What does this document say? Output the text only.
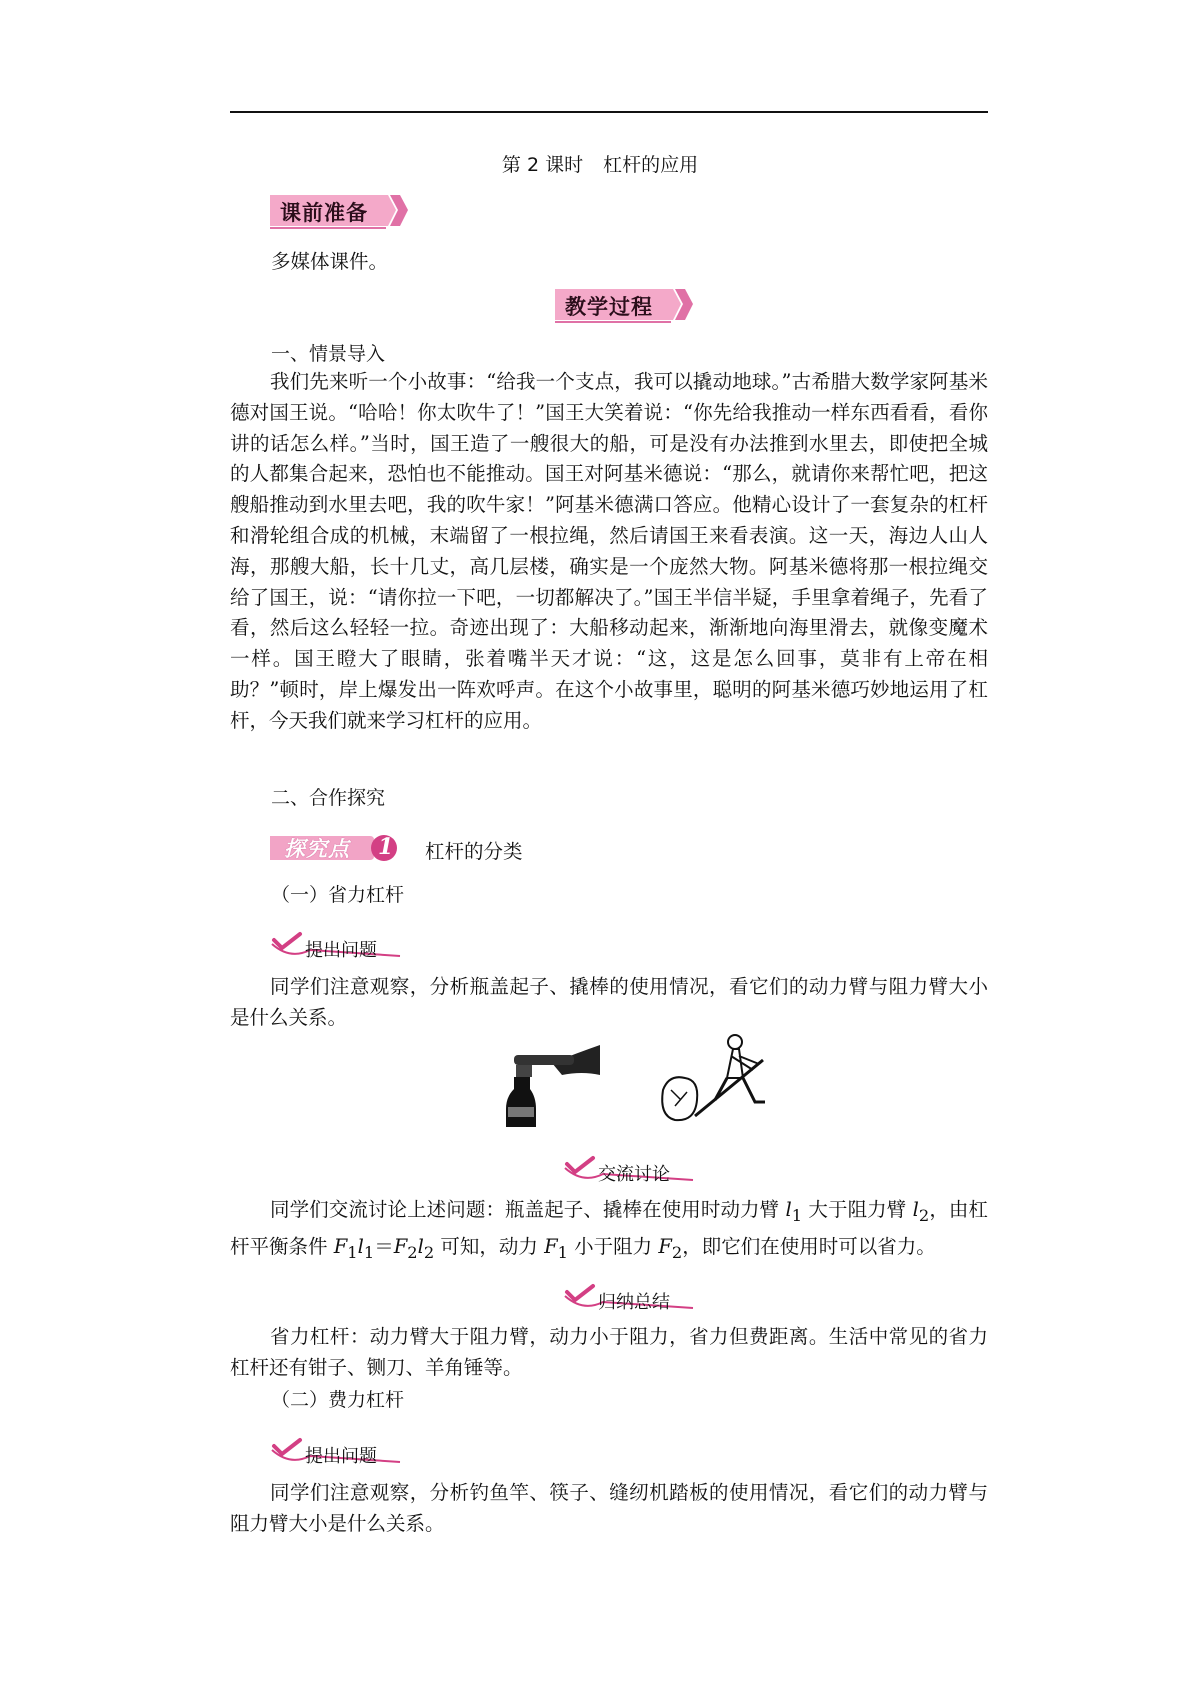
第 2 课时 杠杆的应用
课前准备
多媒体课件。
教学过程
一、情景导入
我们先来听一个小故事：“给我一个支点，我可以撬动地球。”古希腊大数学家阿基米德对国王说。“哈哈！你太吹牛了！”国王大笑着说：“你先给我推动一样东西看看，看你讲的话怎么样。”当时，国王造了一艘很大的船，可是没有办法推到水里去，即使把全城的人都集合起来，恐怕也不能推动。国王对阿基米德说：“那么，就请你来帮忙吧，把这艘船推动到水里去吧，我的吹牛家！”阿基米德满口答应。他精心设计了一套复杂的杠杆和滑轮组合成的机械，末端留了一根拉绳，然后请国王来看表演。这一天，海边人山人海，那艘大船，长十几丈，高几层楼，确实是一个庞然大物。阿基米德将那一根拉绳交给了国王，说：“请你拉一下吧，一切都解决了。”国王半信半疑，手里拿着绳子，先看了看，然后这么轻轻一拉。奇迹出现了：大船移动起来，渐渐地向海里滑去，就像变魔术一样。国王瞪大了眼睛，张着嘴半天才说：“这，这是怎么回事，莫非有上帝在相助？”顿时，岸上爆发出一阵欢呼声。在这个小故事里，聪明的阿基米德巧妙地运用了杠杆，今天我们就来学习杠杆的应用。
二、合作探究
探究点 1 杠杆的分类
（一）省力杠杆
提出问题
同学们注意观察，分析瓶盖起子、撬棒的使用情况，看它们的动力臂与阻力臂大小是什么关系。
交流讨论
同学们交流讨论上述问题：瓶盖起子、撬棒在使用时动力臂 $l_1$ 大于阻力臂 $l_2$，由杠杆平衡条件 $F_1l_1=F_2l_2$ 可知，动力 $F_1$ 小于阻力 $F_2$，即它们在使用时可以省力。
归纳总结
省力杠杆：动力臂大于阻力臂，动力小于阻力，省力但费距离。生活中常见的省力杠杆还有钳子、铡刀、羊角锤等。
（二）费力杠杆
提出问题
同学们注意观察，分析钓鱼竿、筷子、缝纫机踏板的使用情况，看它们的动力臂与阻力臂大小是什么关系。
